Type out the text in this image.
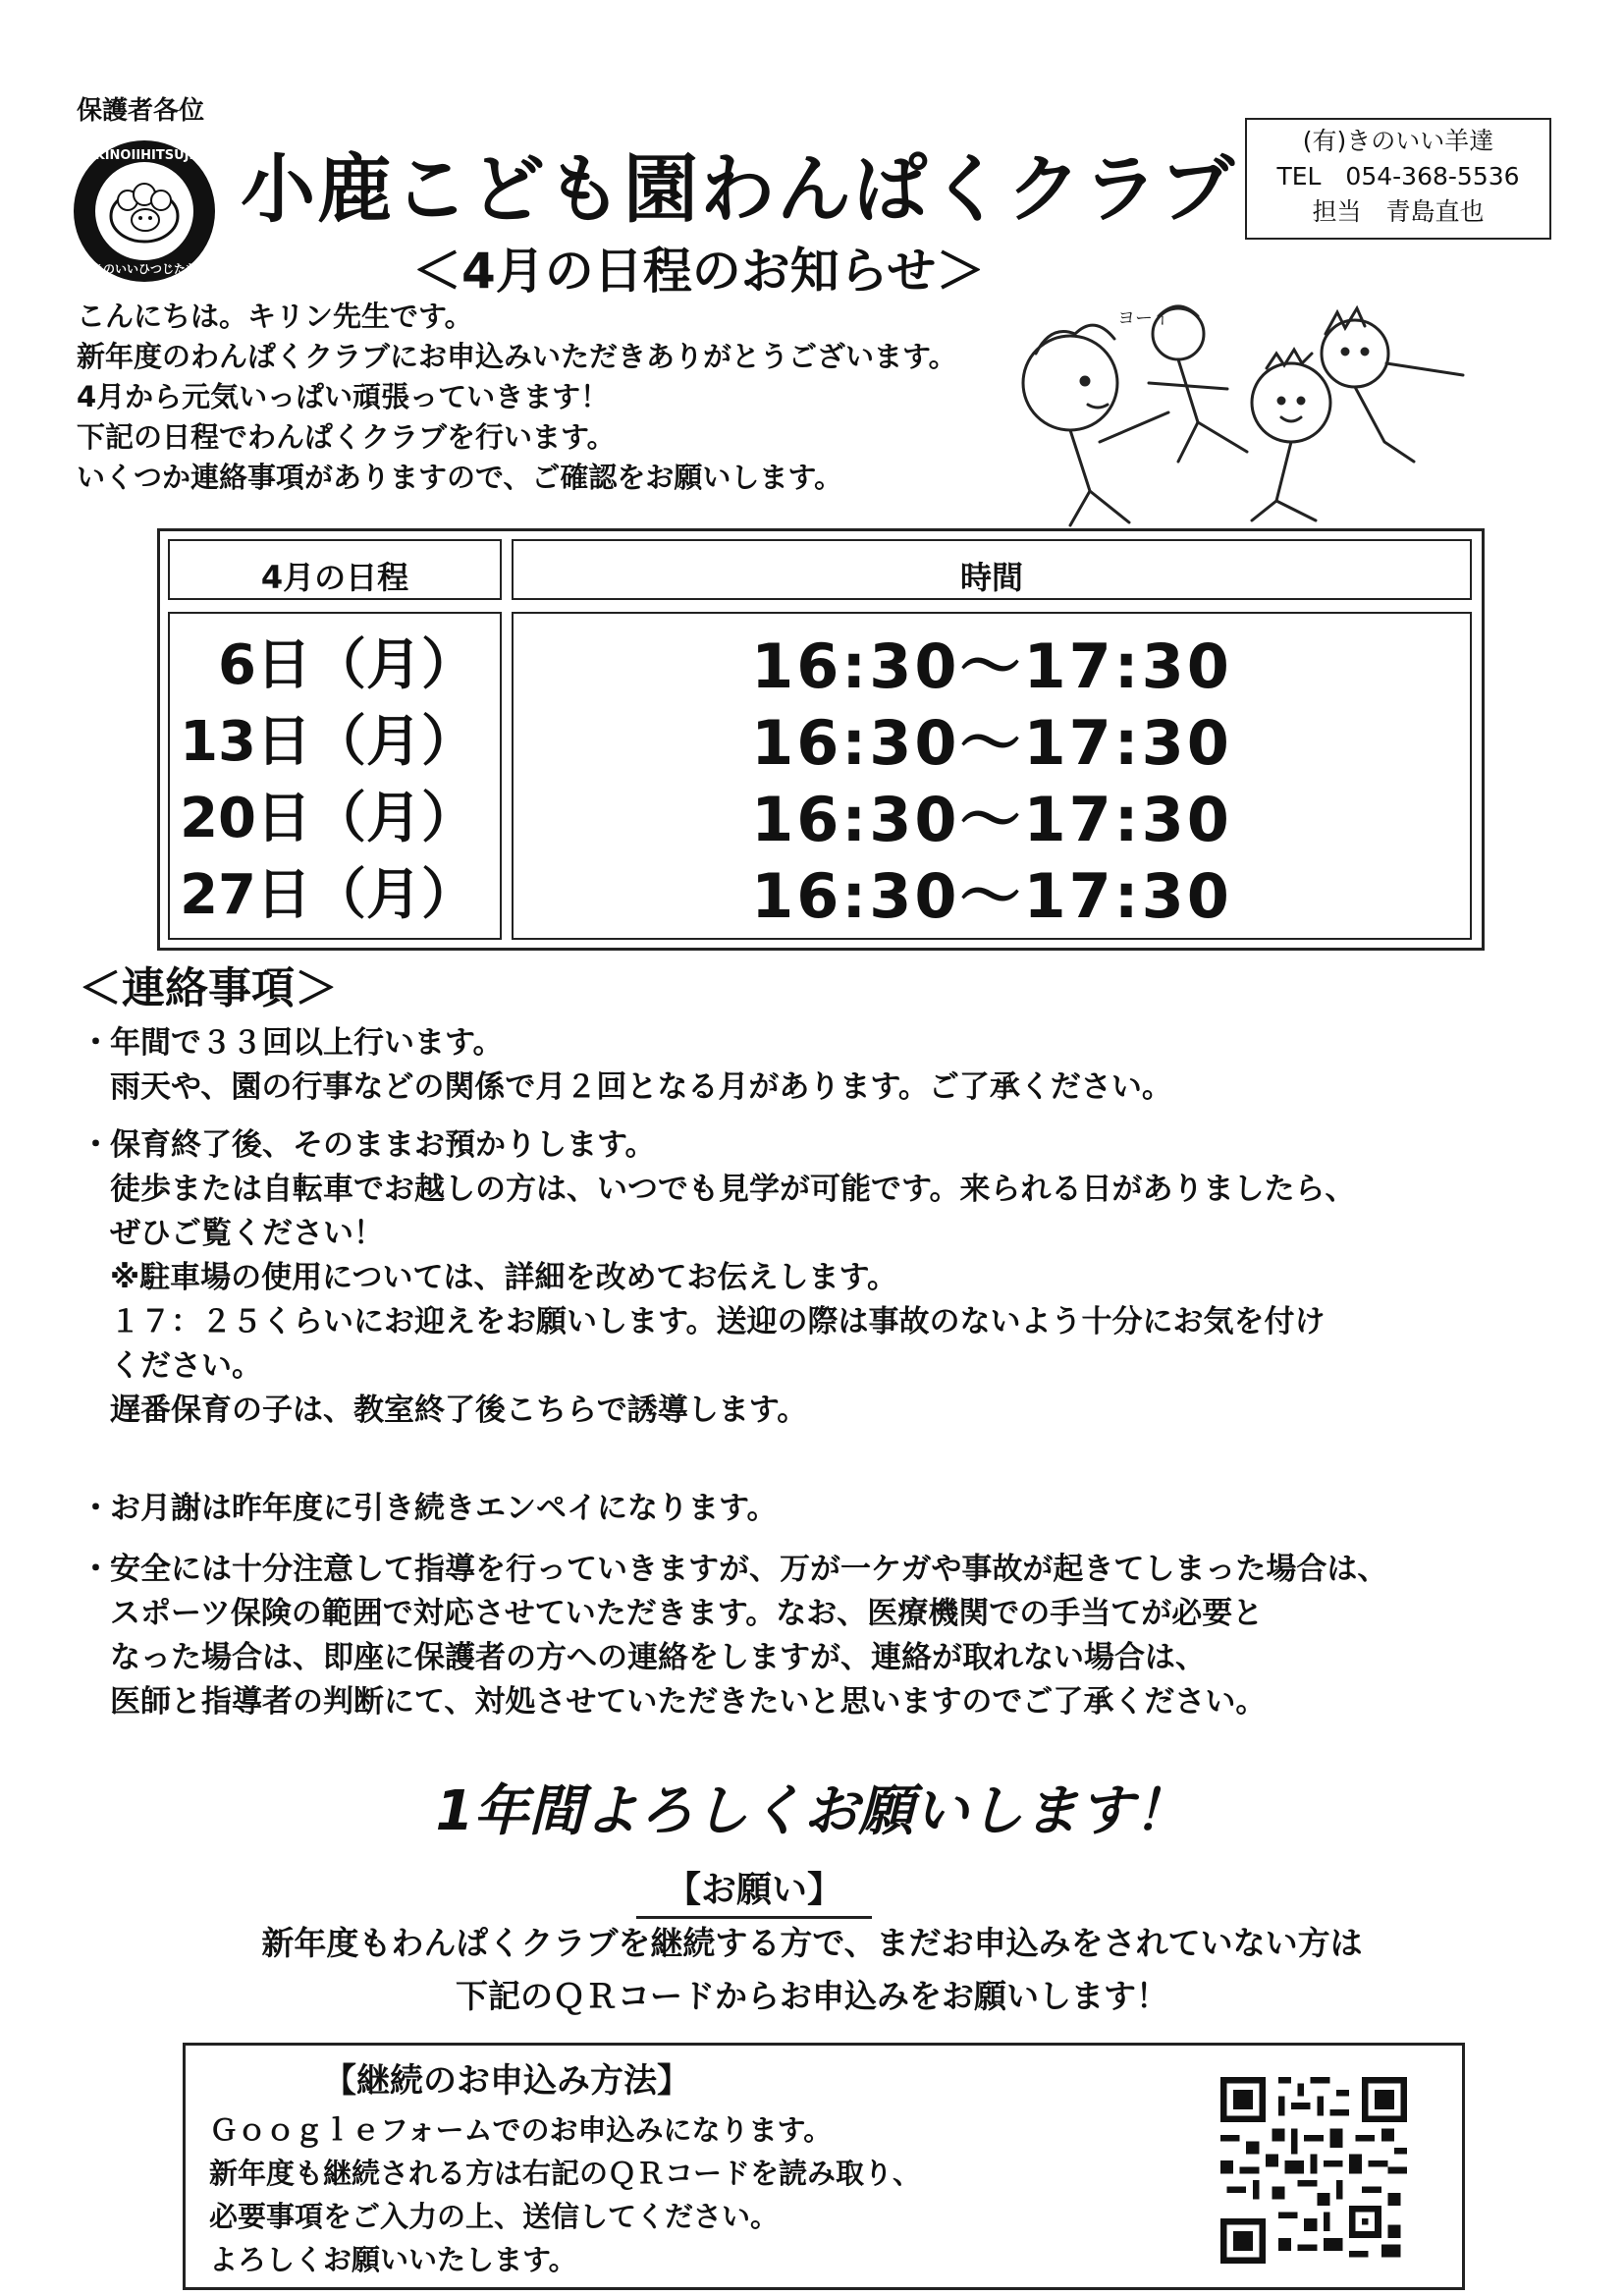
保護者各位
KINOIIHITSUJI
きのいいひつじたち
小鹿こども園わんぱくクラブ
＜4月の日程のお知らせ＞
(有)きのいい羊達
TEL　054-368-5536
担当　青島直也
こんにちは。キリン先生です。
新年度のわんぱくクラブにお申込みいただきありがとうございます。
4月から元気いっぱい頑張っていきます！
下記の日程でわんぱくクラブを行います。
いくつか連絡事項がありますので、ご確認をお願いします。
ヨーイ
4月の日程	時間
6日（月）
13日（月）
20日（月）
27日（月）
16:30～17:30
16:30～17:30
16:30～17:30
16:30～17:30
＜連絡事項＞
・ 年間で３３回以上行います。
雨天や、園の行事などの関係で月２回となる月があります。ご了承ください。
・ 保育終了後、そのままお預かりします。
徒歩または自転車でお越しの方は、いつでも見学が可能です。来られる日がありましたら、
ぜひご覧ください！
※駐車場の使用については、詳細を改めてお伝えします。
１７：２５くらいにお迎えをお願いします。送迎の際は事故のないよう十分にお気を付け
ください。
遅番保育の子は、教室終了後こちらで誘導します。
・ お月謝は昨年度に引き続きエンペイになります。
・ 安全には十分注意して指導を行っていきますが、万が一ケガや事故が起きてしまった場合は、
スポーツ保険の範囲で対応させていただきます。なお、医療機関での手当てが必要と
なった場合は、即座に保護者の方への連絡をしますが、連絡が取れない場合は、
医師と指導者の判断にて、対処させていただきたいと思いますのでご了承ください。
1年間よろしくお願いします！
【お願い】
新年度もわんぱくクラブを継続する方で、まだお申込みをされていない方は
下記のＱＲコードからお申込みをお願いします！
【継続のお申込み方法】
Ｇｏｏｇｌｅフォームでのお申込みになります。
新年度も継続される方は右記のＱＲコードを読み取り、
必要事項をご入力の上、送信してください。
よろしくお願いいたします。
